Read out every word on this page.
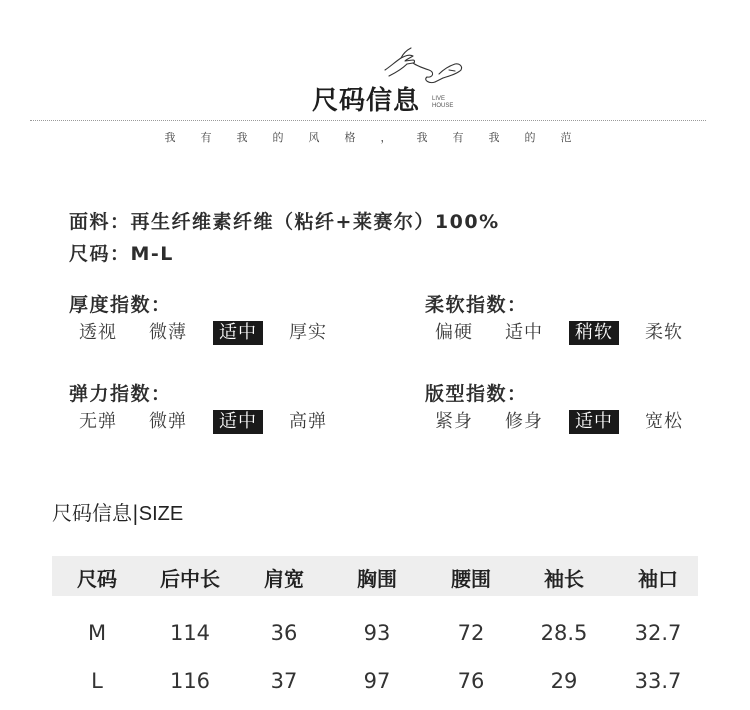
尺码信息 LIVE
HOUSE
我 有 我 的 风 格 ， 我 有 我 的 范
面料：再生纤维素纤维（粘纤+莱赛尔）100%
尺码：M-L
厚度指数：
透视 微薄	适中	厚实
柔软指数：
偏硬 适中	稍软	柔软
弹力指数：
无弹 微弹	适中	高弹
版型指数：
紧身 修身	适中	宽松
尺码信息|SIZE
尺码 后中长 肩宽	胸围	腰围	袖长	袖口
M	114	36	93	72	28.5 32.7
L	116	37	97	76	29	33.7
